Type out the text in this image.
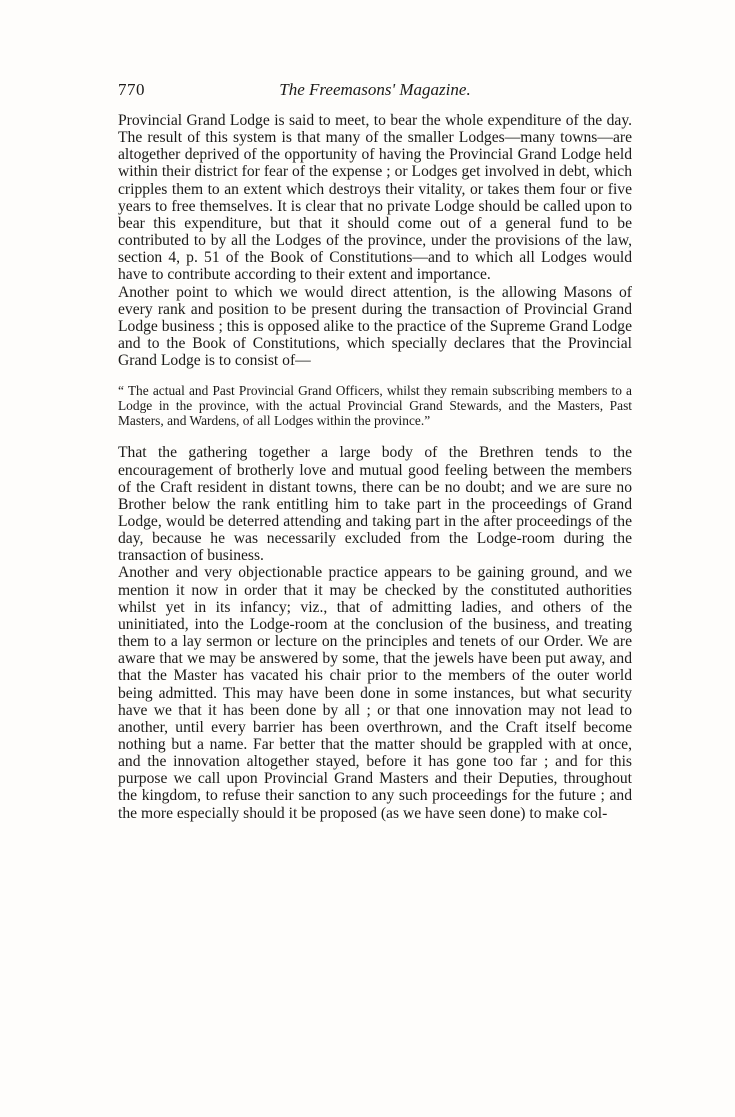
770	The Freemasons' Magazine.

Provincial Grand Lodge is said to meet, to bear the whole expenditure of the day. The result of this system is that many of the smaller Lodges—many towns—are altogether deprived of the opportunity of having the Provincial Grand Lodge held within their district for fear of the expense ; or Lodges get involved in debt, which cripples them to an extent which destroys their vitality, or takes them four or five years to free themselves. It is clear that no private Lodge should be called upon to bear this expenditure, but that it should come out of a general fund to be contributed to by all the Lodges of the province, under the provisions of the law, section 4, p. 51 of the Book of Constitutions—and to which all Lodges would have to contribute according to their extent and importance.

Another point to which we would direct attention, is the allowing Masons of every rank and position to be present during the transaction of Provincial Grand Lodge business ; this is opposed alike to the practice of the Supreme Grand Lodge and to the Book of Constitutions, which specially declares that the Provincial Grand Lodge is to consist of—

“ The actual and Past Provincial Grand Officers, whilst they remain subscribing members to a Lodge in the province, with the actual Provincial Grand Stewards, and the Masters, Past Masters, and Wardens, of all Lodges within the province.”

That the gathering together a large body of the Brethren tends to the encouragement of brotherly love and mutual good feeling between the members of the Craft resident in distant towns, there can be no doubt; and we are sure no Brother below the rank entitling him to take part in the proceedings of Grand Lodge, would be deterred attending and taking part in the after proceedings of the day, because he was necessarily excluded from the Lodge-room during the transaction of business.

Another and very objectionable practice appears to be gaining ground, and we mention it now in order that it may be checked by the constituted authorities whilst yet in its infancy; viz., that of admitting ladies, and others of the uninitiated, into the Lodge-room at the conclusion of the business, and treating them to a lay sermon or lecture on the principles and tenets of our Order. We are aware that we may be answered by some, that the jewels have been put away, and that the Master has vacated his chair prior to the members of the outer world being admitted. This may have been done in some instances, but what security have we that it has been done by all ; or that one innovation may not lead to another, until every barrier has been overthrown, and the Craft itself become nothing but a name. Far better that the matter should be grappled with at once, and the innovation altogether stayed, before it has gone too far ; and for this purpose we call upon Provincial Grand Masters and their Deputies, throughout the kingdom, to refuse their sanction to any such proceedings for the future ; and the more especially should it be proposed (as we have seen done) to make col-
